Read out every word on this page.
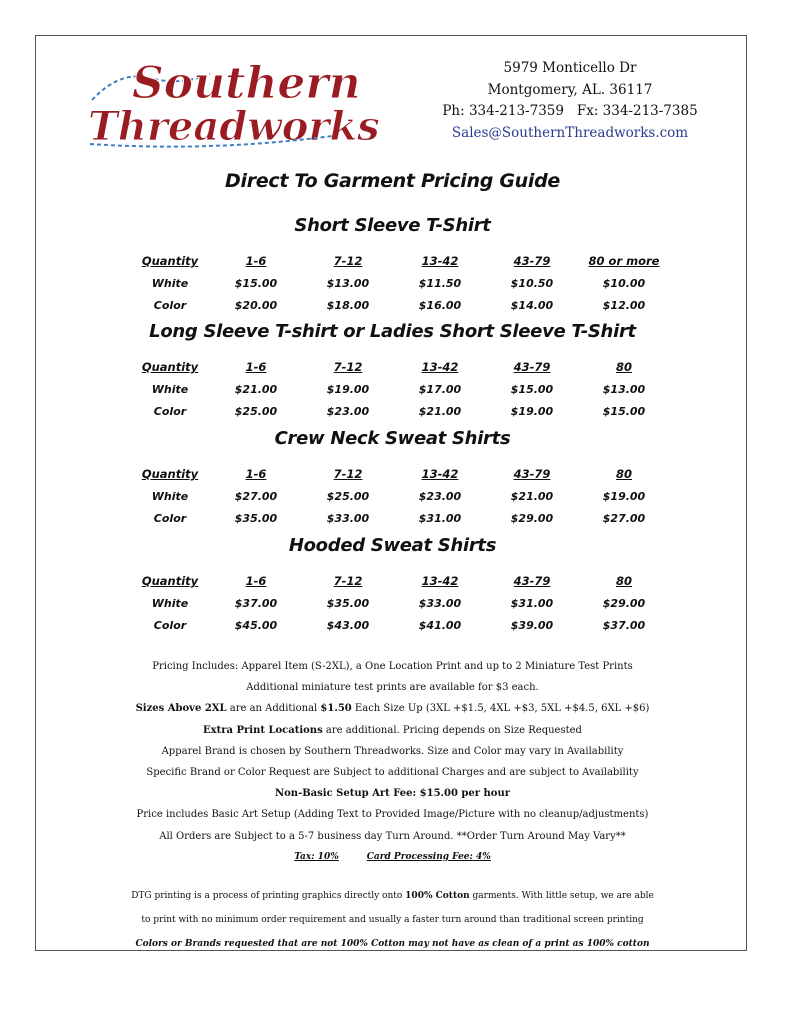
Southern
Threadworks
5979 Monticello Dr
Montgomery, AL. 36117
Ph: 334-213-7359   Fx: 334-213-7385
Sales@SouthernThreadworks.com
Direct To Garment Pricing Guide
Short Sleeve T-Shirt
Quantity	1-6	7-12	13-42	43-79	80 or more
White	$15.00	$13.00	$11.50	$10.50	$10.00
Color	$20.00	$18.00	$16.00	$14.00	$12.00
Long Sleeve T-shirt or Ladies Short Sleeve T-Shirt
Quantity	1-6	7-12	13-42	43-79	80
White	$21.00	$19.00	$17.00	$15.00	$13.00
Color	$25.00	$23.00	$21.00	$19.00	$15.00
Crew Neck Sweat Shirts
Quantity	1-6	7-12	13-42	43-79	80
White	$27.00	$25.00	$23.00	$21.00	$19.00
Color	$35.00	$33.00	$31.00	$29.00	$27.00
Hooded Sweat Shirts
Quantity	1-6	7-12	13-42	43-79	80
White	$37.00	$35.00	$33.00	$31.00	$29.00
Color	$45.00	$43.00	$41.00	$39.00	$37.00

Pricing Includes: Apparel Item (S-2XL), a One Location Print and up to 2 Miniature Test Prints

Additional miniature test prints are available for $3 each.

Sizes Above 2XL are an Additional $1.50 Each Size Up (3XL +$1.5, 4XL +$3, 5XL +$4.5, 6XL +$6)

Extra Print Locations are additional. Pricing depends on Size Requested

Apparel Brand is chosen by Southern Threadworks. Size and Color may vary in Availability

Specific Brand or Color Request are Subject to additional Charges and are subject to Availability

Non-Basic Setup Art Fee: $15.00 per hour

Price includes Basic Art Setup (Adding Text to Provided Image/Picture with no cleanup/adjustments)

All Orders are Subject to a 5-7 business day Turn Around. **Order Turn Around May Vary**

Tax: 10%	Card Processing Fee: 4%

DTG printing is a process of printing graphics directly onto 100% Cotton garments. With little setup, we are able

to print with no minimum order requirement and usually a faster turn around than traditional screen printing

Colors or Brands requested that are not 100% Cotton may not have as clean of a print as 100% cotton
